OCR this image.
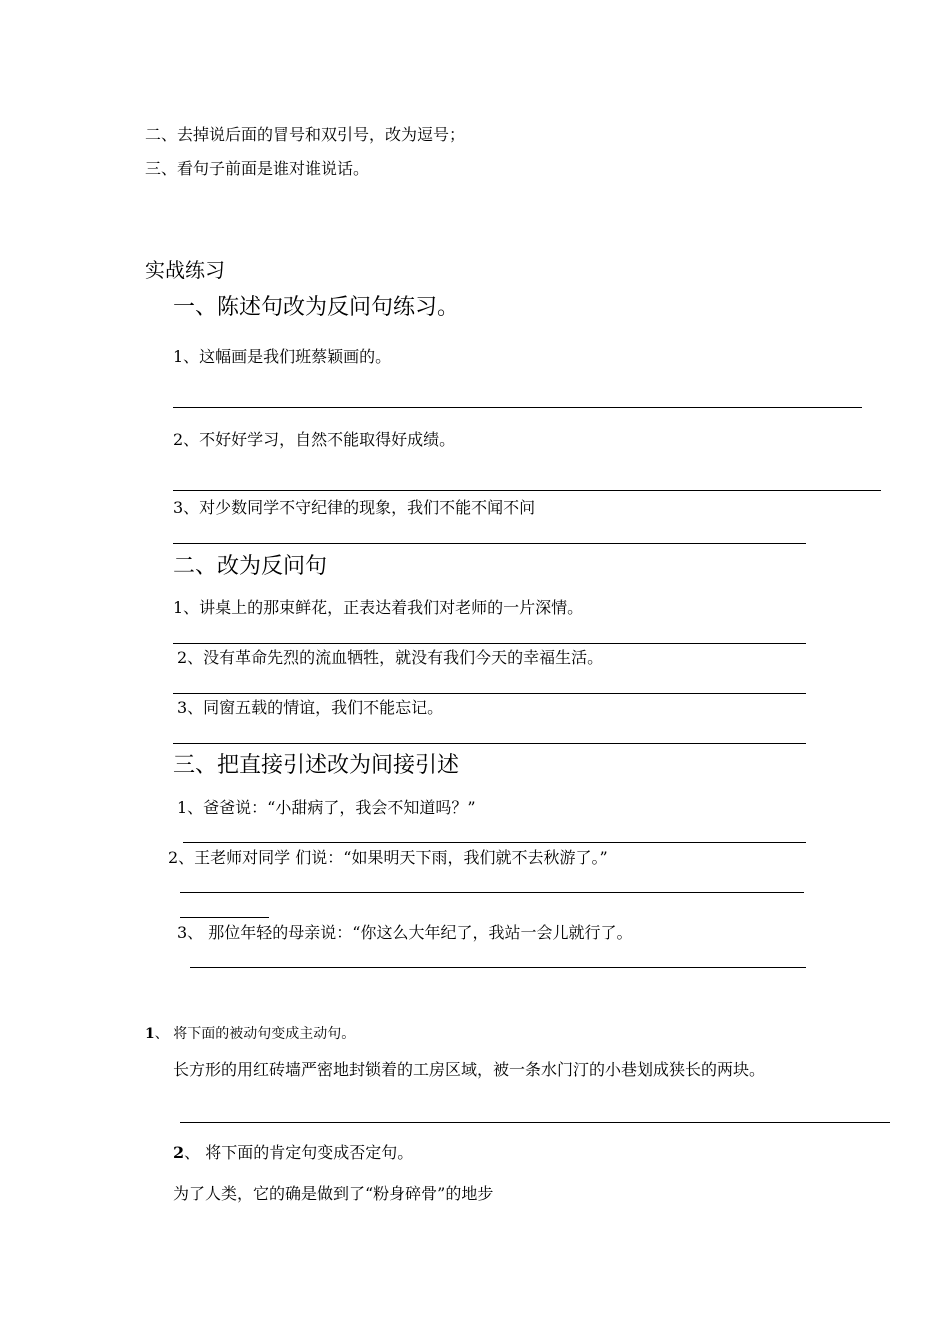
二、去掉说后面的冒号和双引号，改为逗号；
三、看句子前面是谁对谁说话。
实战练习
一、陈述句改为反问句练习。
1、这幅画是我们班蔡颖画的。
2、不好好学习，自然不能取得好成绩。
3、对少数同学不守纪律的现象，我们不能不闻不问
二、改为反问句
1、讲桌上的那束鲜花，正表达着我们对老师的一片深情。
2、没有革命先烈的流血牺牲，就没有我们今天的幸福生活。
3、同窗五载的情谊，我们不能忘记。
三、把直接引述改为间接引述
1、爸爸说：“小甜病了，我会不知道吗？”
2、王老师对同学 们说：“如果明天下雨，我们就不去秋游了。”
3、 那位年轻的母亲说：“你这么大年纪了，我站一会儿就行了。
1、 将下面的被动句变成主动句。
长方形的用红砖墙严密地封锁着的工房区域，被一条水门汀的小巷划成狭长的两块。
2、 将下面的肯定句变成否定句。
为了人类，它的确是做到了“粉身碎骨”的地步
